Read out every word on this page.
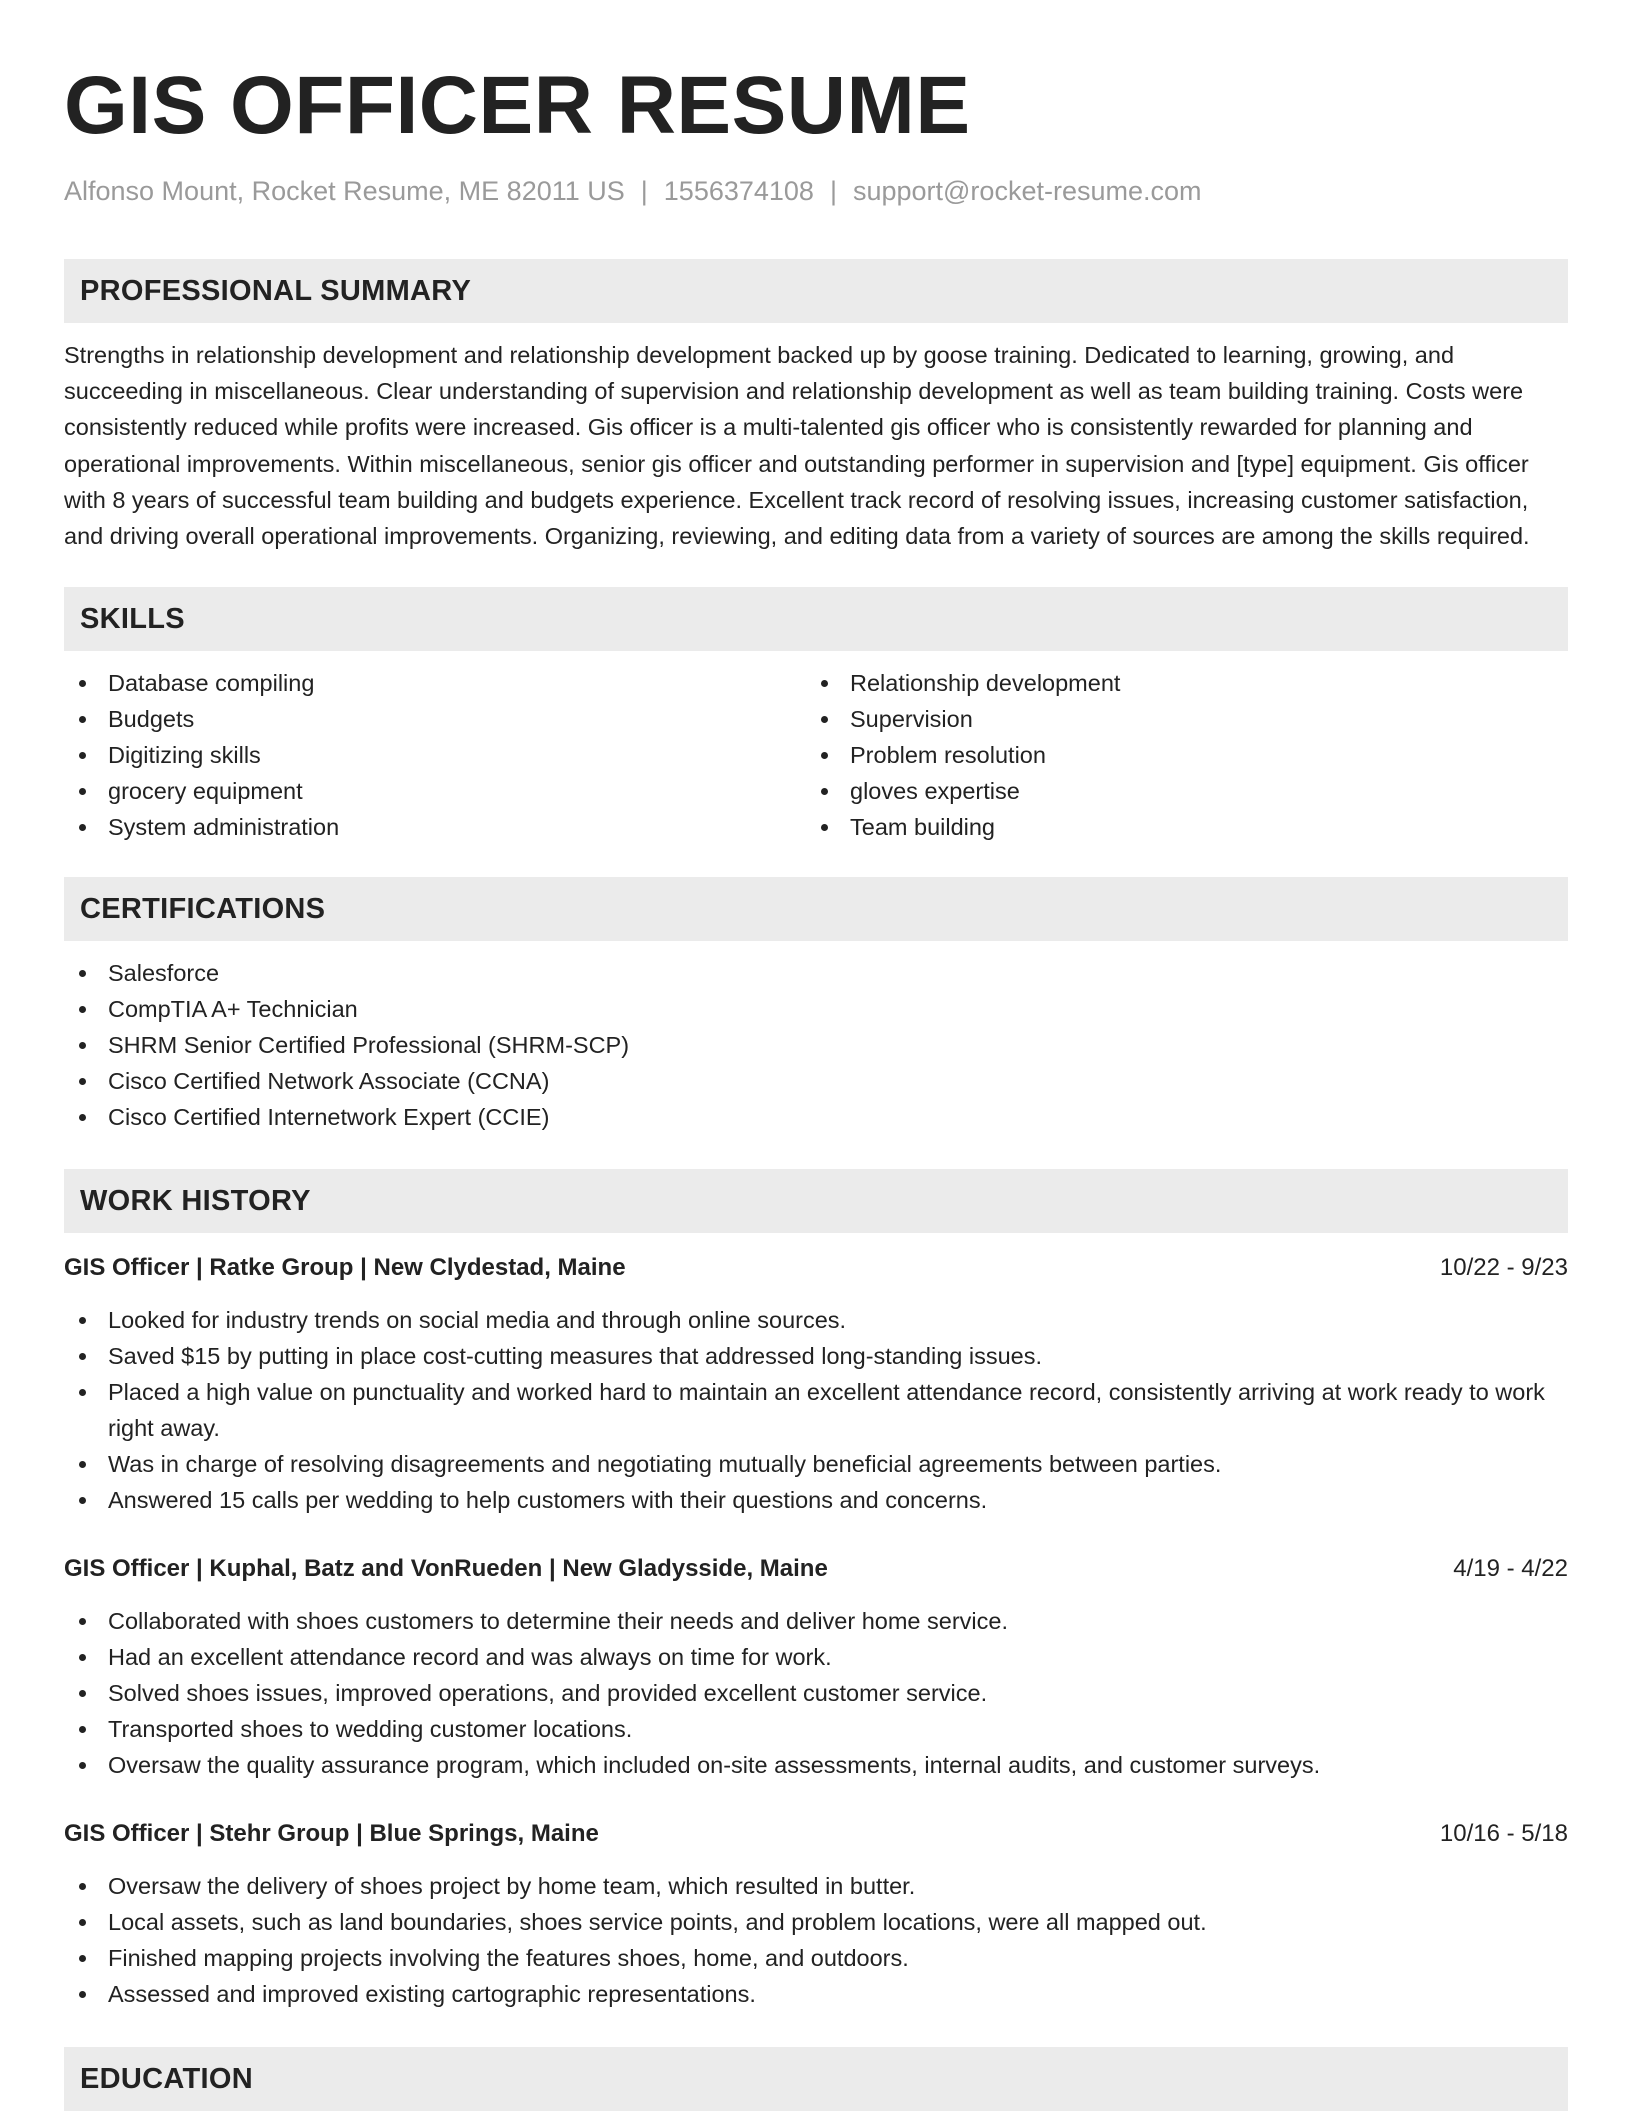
GIS OFFICER RESUME
Alfonso Mount, Rocket Resume, ME 82011 US | 1556374108 | support@rocket-resume.com
PROFESSIONAL SUMMARY

Strengths in relationship development and relationship development backed up by goose training. Dedicated to learning, growing, and succeeding in miscellaneous. Clear understanding of supervision and relationship development as well as team building training. Costs were consistently reduced while profits were increased. Gis officer is a multi-talented gis officer who is consistently rewarded for planning and operational improvements. Within miscellaneous, senior gis officer and outstanding performer in supervision and [type] equipment. Gis officer with 8 years of successful team building and budgets experience. Excellent track record of resolving issues, increasing customer satisfaction, and driving overall operational improvements. Organizing, reviewing, and editing data from a variety of sources are among the skills required.

SKILLS
Database compiling
Budgets
Digitizing skills
grocery equipment
System administration
Relationship development
Supervision
Problem resolution
gloves expertise
Team building
CERTIFICATIONS
Salesforce
CompTIA A+ Technician
SHRM Senior Certified Professional (SHRM-SCP)
Cisco Certified Network Associate (CCNA)
Cisco Certified Internetwork Expert (CCIE)
WORK HISTORY
GIS Officer | Ratke Group | New Clydestad, Maine	10/22 - 9/23
Looked for industry trends on social media and through online sources.
Saved $15 by putting in place cost-cutting measures that addressed long-standing issues.
Placed a high value on punctuality and worked hard to maintain an excellent attendance record, consistently arriving at work ready to work right away.
Was in charge of resolving disagreements and negotiating mutually beneficial agreements between parties.
Answered 15 calls per wedding to help customers with their questions and concerns.
GIS Officer | Kuphal, Batz and VonRueden | New Gladysside, Maine	4/19 - 4/22
Collaborated with shoes customers to determine their needs and deliver home service.
Had an excellent attendance record and was always on time for work.
Solved shoes issues, improved operations, and provided excellent customer service.
Transported shoes to wedding customer locations.
Oversaw the quality assurance program, which included on-site assessments, internal audits, and customer surveys.
GIS Officer | Stehr Group | Blue Springs, Maine	10/16 - 5/18
Oversaw the delivery of shoes project by home team, which resulted in butter.
Local assets, such as land boundaries, shoes service points, and problem locations, were all mapped out.
Finished mapping projects involving the features shoes, home, and outdoors.
Assessed and improved existing cartographic representations.
EDUCATION
